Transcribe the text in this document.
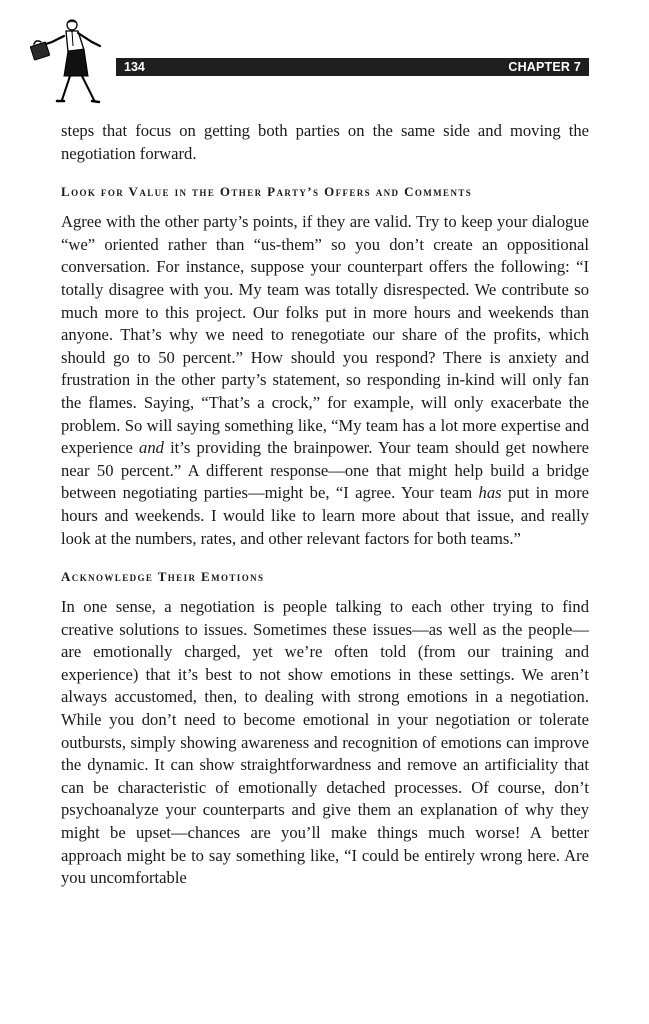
134	CHAPTER 7

steps that focus on getting both parties on the same side and moving the negotiation forward.

Look for Value in the Other Party’s Offers and Comments

Agree with the other party’s points, if they are valid. Try to keep your dialogue “we” oriented rather than “us-them” so you don’t create an oppositional conversation. For instance, suppose your counterpart offers the following: “I totally disagree with you. My team was totally disrespected. We contribute so much more to this project. Our folks put in more hours and weekends than anyone. That’s why we need to renegotiate our share of the profits, which should go to 50 percent.” How should you respond? There is anxiety and frustration in the other party’s statement, so responding in-kind will only fan the flames. Saying, “That’s a crock,” for example, will only exacerbate the problem. So will saying something like, “My team has a lot more expertise and experience and it’s providing the brainpower. Your team should get nowhere near 50 percent.” A different response—one that might help build a bridge between negotiating parties—might be, “I agree. Your team has put in more hours and weekends. I would like to learn more about that issue, and really look at the numbers, rates, and other relevant factors for both teams.”

Acknowledge Their Emotions

In one sense, a negotiation is people talking to each other trying to find creative solutions to issues. Sometimes these issues—as well as the people—are emotionally charged, yet we’re often told (from our training and experience) that it’s best to not show emotions in these settings. We aren’t always accustomed, then, to dealing with strong emotions in a negotiation. While you don’t need to become emotional in your negotiation or tolerate outbursts, simply showing awareness and recognition of emotions can improve the dynamic. It can show straightforwardness and remove an artificiality that can be characteristic of emotionally detached processes. Of course, don’t psychoanalyze your counterparts and give them an explanation of why they might be upset—chances are you’ll make things much worse! A better approach might be to say something like, “I could be entirely wrong here. Are you uncomfortable
